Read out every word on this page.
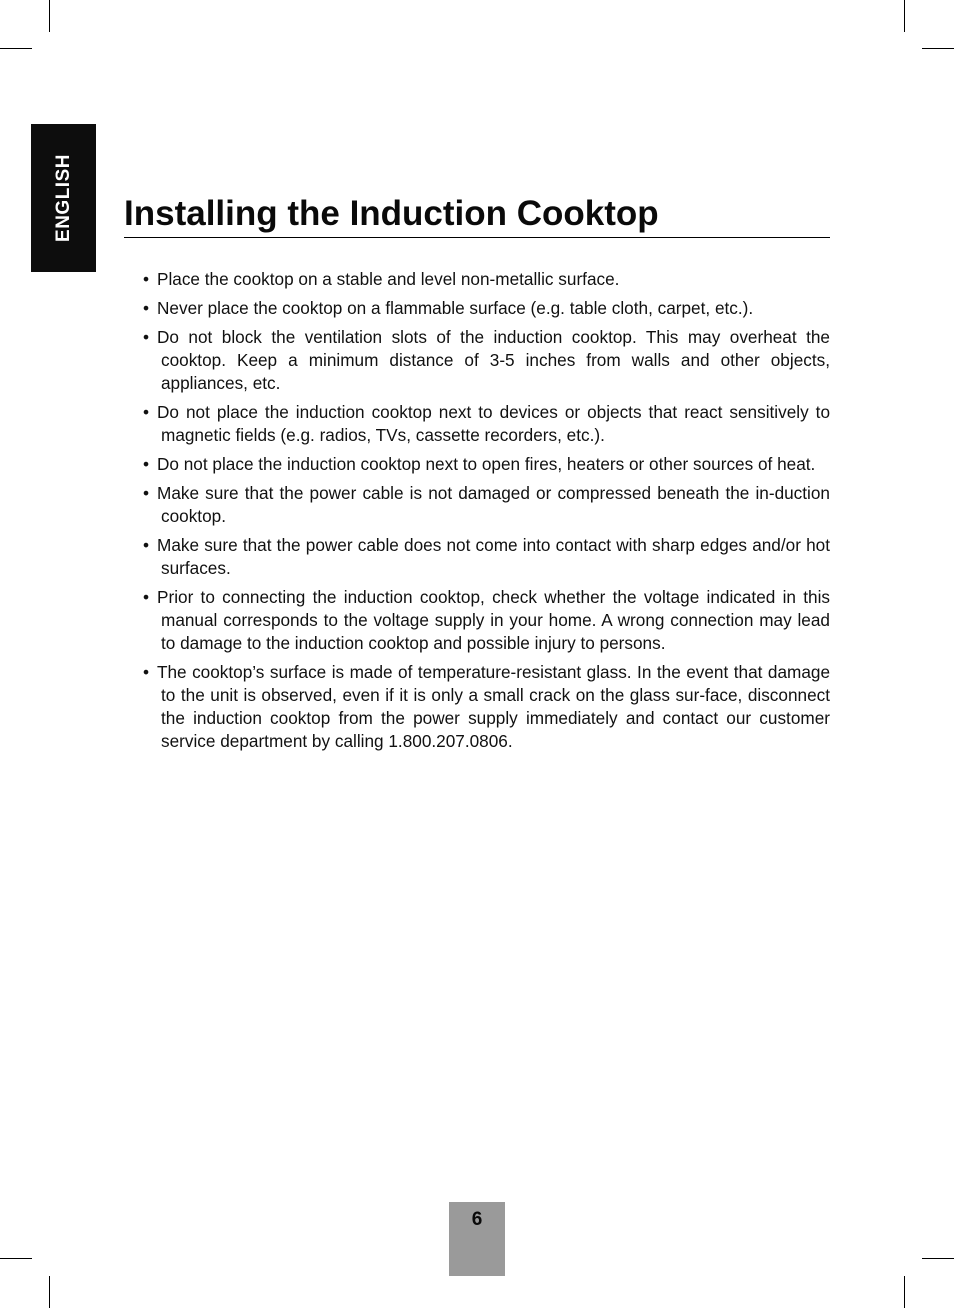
ENGLISH Installing the Induction Cooktop
• Place the cooktop on a stable and level non-metallic surface.
• Never place the cooktop on a flammable surface (e.g. table cloth, carpet, etc.).
• Do not block the ventilation slots of the induction cooktop. This may overheat the cooktop. Keep a minimum distance of 3-5 inches from walls and other objects, appliances, etc.
• Do not place the induction cooktop next to devices or objects that react sensitively to magnetic fields (e.g. radios, TVs, cassette recorders, etc.).
• Do not place the induction cooktop next to open fires, heaters or other sources of heat.
• Make sure that the power cable is not damaged or compressed beneath the in-duction cooktop.
• Make sure that the power cable does not come into contact with sharp edges and/or hot surfaces.
• Prior to connecting the induction cooktop, check whether the voltage indicated in this manual corresponds to the voltage supply in your home. A wrong connection may lead to damage to the induction cooktop and possible injury to persons.
• The cooktop’s surface is made of temperature-resistant glass. In the event that damage to the unit is observed, even if it is only a small crack on the glass sur-face, disconnect the induction cooktop from the power supply immediately and contact our customer service department by calling 1.800.207.0806.
6
